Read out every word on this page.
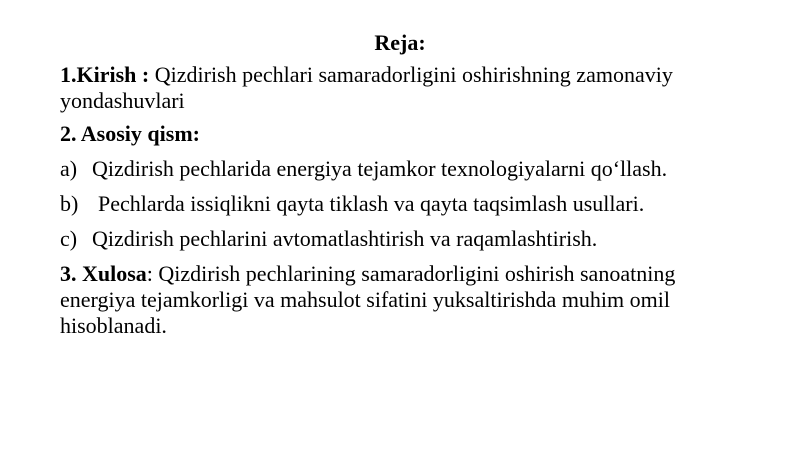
Reja:
1.Kirish : Qizdirish pechlari samaradorligini oshirishning zamonaviy yondashuvlari
2. Asosiy qism:
a) Qizdirish pechlarida energiya tejamkor texnologiyalarni qo‘llash.
b) Pechlarda issiqlikni qayta tiklash va qayta taqsimlash usullari.
c) Qizdirish pechlarini avtomatlashtirish va raqamlashtirish.
3. Xulosa: Qizdirish pechlarining samaradorligini oshirish sanoatning energiya tejamkorligi va mahsulot sifatini yuksaltirishda muhim omil hisoblanadi.
